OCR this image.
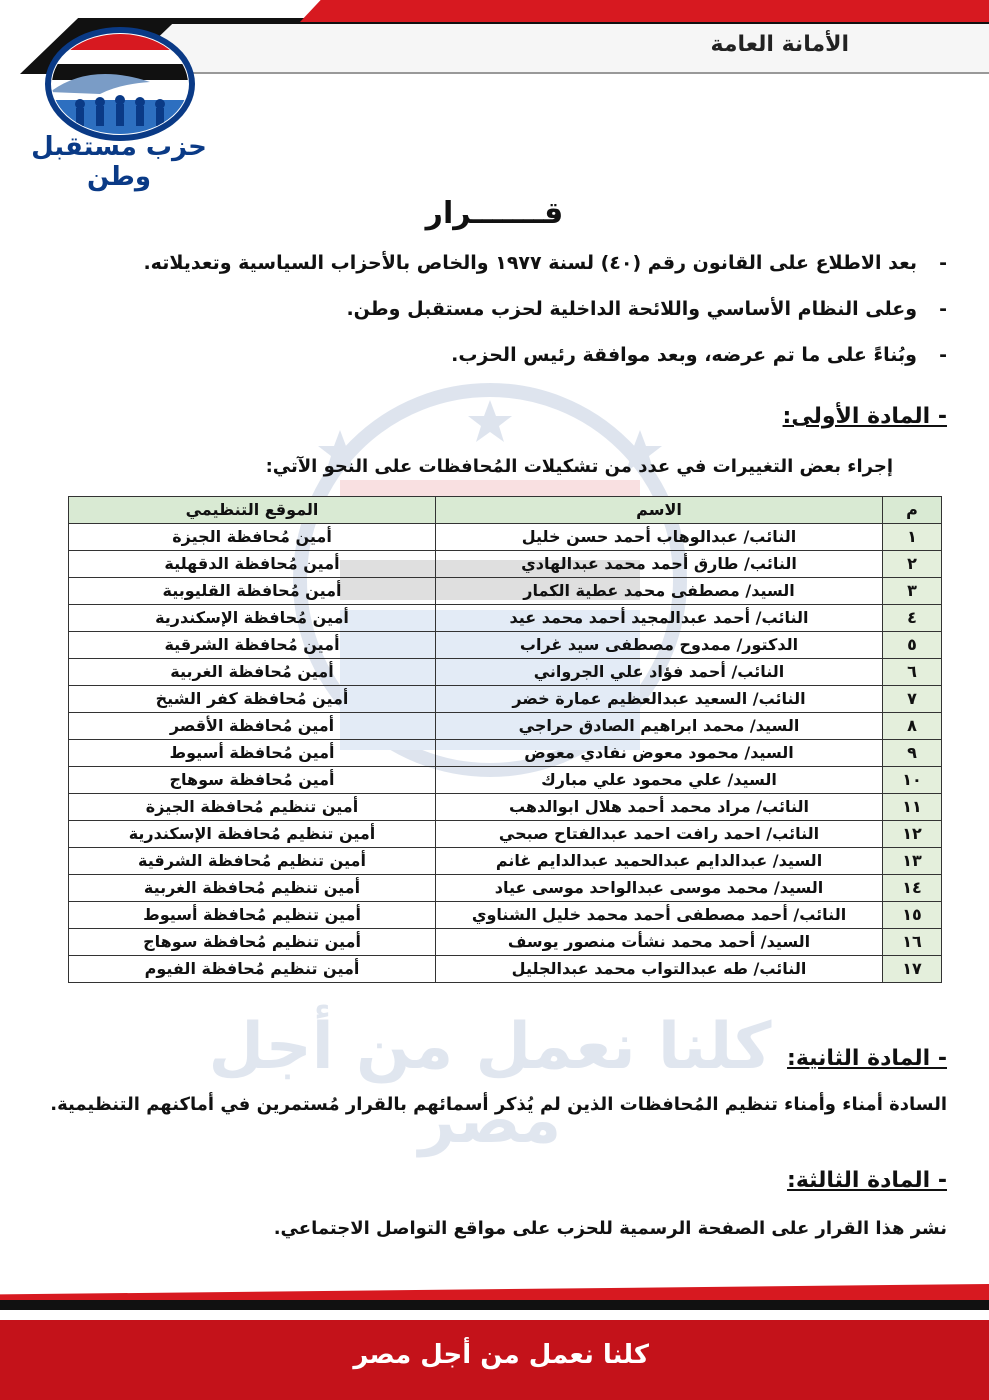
الأمانة العامة
حزب مستقبل وطن
كلنا نعمل من أجل مصر
قـــــــرار
-بعد الاطلاع على القانون رقم (٤٠) لسنة ١٩٧٧ والخاص بالأحزاب السياسية وتعديلاته.
-وعلى النظام الأساسي واللائحة الداخلية لحزب مستقبل وطن.
-وبُناءً على ما تم عرضه، وبعد موافقة رئيس الحزب.
- المادة الأولى:
إجراء بعض التغييرات في عدد من تشكيلات المُحافظات على النحو الآتي:
م	الاسم	الموقع التنظيمي
١	النائب/ عبدالوهاب أحمد حسن خليل	أمين مُحافظة الجيزة
٢	النائب/ طارق أحمد محمد عبدالهادي	أمين مُحافظة الدقهلية
٣	السيد/ مصطفى محمد عطية الكمار	أمين مُحافظة القليوبية
٤	النائب/ أحمد عبدالمجيد أحمد محمد عيد	أمين مُحافظة الإسكندرية
٥	الدكتور/ ممدوح مصطفى سيد غراب	أمين مُحافظة الشرقية
٦	النائب/ أحمد فؤاد علي الجرواني	أمين مُحافظة الغربية
٧	النائب/ السعيد عبدالعظيم عمارة خضر	أمين مُحافظة كفر الشيخ
٨	السيد/ محمد ابراهيم الصادق حراجي	أمين مُحافظة الأقصر
٩	السيد/ محمود معوض نفادي معوض	أمين مُحافظة أسيوط
١٠	السيد/ علي محمود علي مبارك	أمين مُحافظة سوهاج
١١	النائب/ مراد محمد أحمد هلال ابوالدهب	أمين تنظيم مُحافظة الجيزة
١٢	النائب/ احمد رافت احمد عبدالفتاح صبحي	أمين تنظيم مُحافظة الإسكندرية
١٣	السيد/ عبدالدايم عبدالحميد عبدالدايم غانم	أمين تنظيم مُحافظة الشرقية
١٤	السيد/ محمد موسى عبدالواحد موسى عياد	أمين تنظيم مُحافظة الغربية
١٥	النائب/ أحمد مصطفى أحمد محمد خليل الشناوي	أمين تنظيم مُحافظة أسيوط
١٦	السيد/ أحمد محمد نشأت منصور يوسف	أمين تنظيم مُحافظة سوهاج
١٧	النائب/ طه عبدالتواب محمد عبدالجليل	أمين تنظيم مُحافظة الفيوم
- المادة الثانية:
السادة أمناء وأمناء تنظيم المُحافظات الذين لم يُذكر أسمائهم بالقرار مُستمرين في أماكنهم التنظيمية.
- المادة الثالثة:
نشر هذا القرار على الصفحة الرسمية للحزب على مواقع التواصل الاجتماعي.
كلنا نعمل من أجل مصر
